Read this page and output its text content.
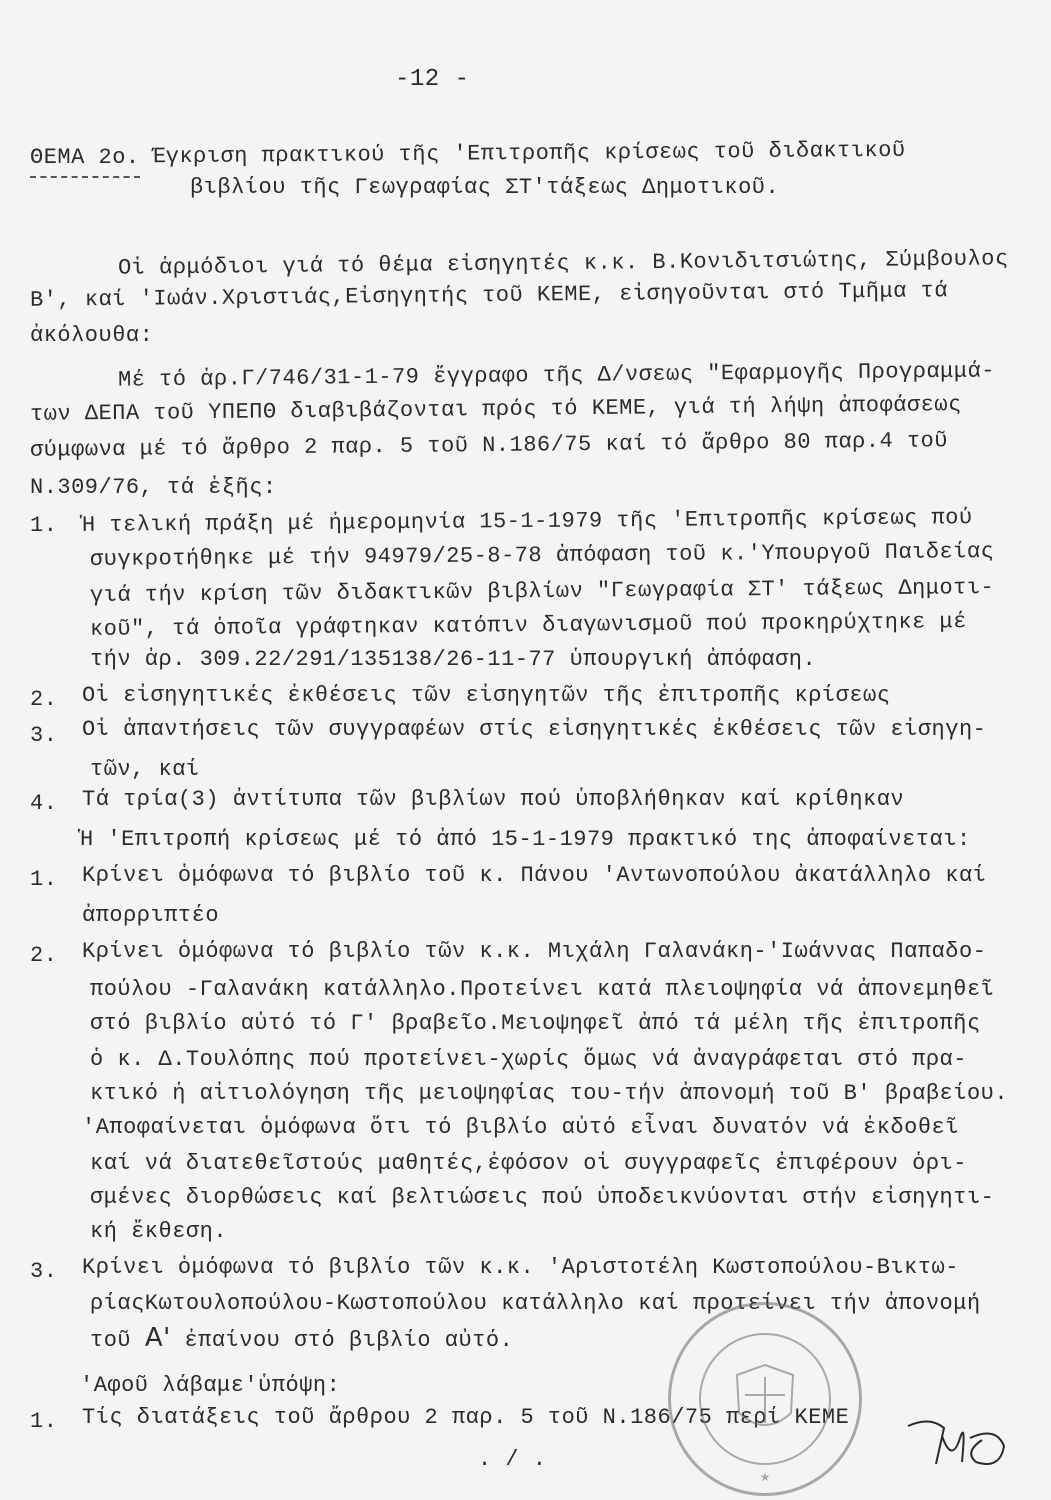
-12 -
ΘΕΜΑ 2ο. Έγκριση πρακτικού τῆς 'Επιτροπῆς κρίσεως τοῦ διδακτικοῦ
βιβλίου τῆς Γεωγραφίας ΣΤ'τάξεως Δημοτικοῦ.
Οἱ ἁρμόδιοι γιά τό θέμα εἰσηγητές κ.κ. Β.Κονιδιτσιώτης, Σύμβουλος
Β', καί 'Ιωάν.Χριστιάς,Εἰσηγητής τοῦ ΚΕΜΕ, εἰσηγοῦνται στό Τμῆμα τά
ἀκόλουθα:
Μέ τό ἀρ.Γ/746/31-1-79 ἔγγραφο τῆς Δ/νσεως "Εφαρμογῆς Προγραμμά-
των ΔΕΠΑ τοῦ ΥΠΕΠΘ διαβιβάζονται πρός τό ΚΕΜΕ, γιά τή λήψη ἀποφάσεως
σύμφωνα μέ τό ἄρθρο 2 παρ. 5 τοῦ Ν.186/75 καί τό ἄρθρο 80 παρ.4 τοῦ
Ν.309/76, τά ἑξῆς:
1. Ἡ τελική πράξη μέ ἡμερομηνία 15-1-1979 τῆς 'Επιτροπῆς κρίσεως πού
συγκροτήθηκε μέ τήν 94979/25-8-78 ἀπόφαση τοῦ κ.'Υπουργοῦ Παιδείας
γιά τήν κρίση τῶν διδακτικῶν βιβλίων "Γεωγραφία ΣΤ' τάξεως Δημοτι-
κοῦ", τά ὁποῖα γράφτηκαν κατόπιν διαγωνισμοῦ πού προκηρύχτηκε μέ
τήν ἀρ. 309.22/291/135138/26-11-77 ὑπουργική ἀπόφαση.
2. Οἱ εἰσηγητικές ἐκθέσεις τῶν εἰσηγητῶν τῆς ἐπιτροπῆς κρίσεως
3. Οἱ ἀπαντήσεις τῶν συγγραφέων στίς εἰσηγητικές ἐκθέσεις τῶν εἰσηγη-
τῶν, καί
4. Τά τρία(3) ἀντίτυπα τῶν βιβλίων πού ὑποβλήθηκαν καί κρίθηκαν
Ἡ 'Επιτροπή κρίσεως μέ τό ἀπό 15-1-1979 πρακτικό της ἀποφαίνεται:
1. Κρίνει ὁμόφωνα τό βιβλίο τοῦ κ. Πάνου 'Αντωνοπούλου ἀκατάλληλο καί
ἀπορριπτέο
2. Κρίνει ὁμόφωνα τό βιβλίο τῶν κ.κ. Μιχάλη Γαλανάκη-'Ιωάννας Παπαδο-
πούλου -Γαλανάκη κατάλληλο.Προτείνει κατά πλειοψηφία νά ἀπονεμηθεῖ
στό βιβλίο αὐτό τό Γ' βραβεῖο.Μειοψηφεῖ ἀπό τά μέλη τῆς ἐπιτροπῆς
ὁ κ. Δ.Τουλόπης πού προτείνει-χωρίς ὅμως νά ἀναγράφεται στό πρα-
κτικό ἡ αἰτιολόγηση τῆς μειοψηφίας του-τήν ἀπονομή τοῦ Β' βραβείου.
'Αποφαίνεται ὁμόφωνα ὅτι τό βιβλίο αὐτό εἶναι δυνατόν νά ἐκδοθεῖ
καί νά διατεθεῖστούς μαθητές,ἐφόσον οἱ συγγραφεῖς ἐπιφέρουν ὁρι-
σμένες διορθώσεις καί βελτιώσεις πού ὑποδεικνύονται στήν εἰσηγητι-
κή ἔκθεση.
3. Κρίνει ὁμόφωνα τό βιβλίο τῶν κ.κ. 'Αριστοτέλη Κωστοπούλου-Βικτω-
ρίαςΚωτουλοπούλου-Κωστοπούλου κατάλληλο καί προτείνει τήν ἀπονομή
τοῦ Α' ἐπαίνου στό βιβλίο αὐτό.
'Αφοῦ λάβαμε'ὑπόψη:
1. Τίς διατάξεις τοῦ ἄρθρου 2 παρ. 5 τοῦ Ν.186/75 περί ΚΕΜΕ
. / .
★
